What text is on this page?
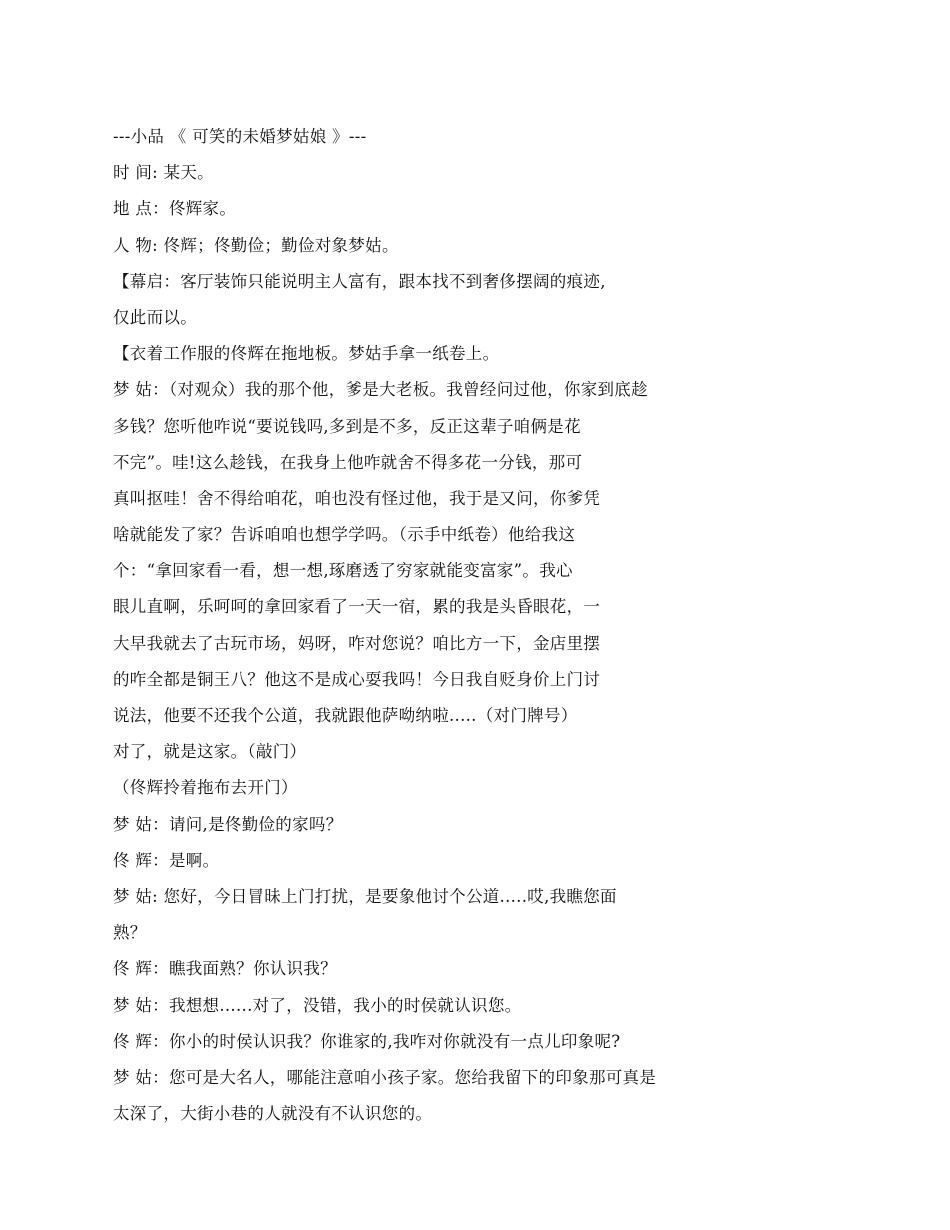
---小品 《 可笑的未婚梦姑娘 》---
时 间: 某天。
地 点：佟辉家。
人 物: 佟辉；佟勤俭；勤俭对象梦姑。
【幕启：客厅装饰只能说明主人富有，跟本找不到奢侈摆阔的痕迹,
仅此而以。
【衣着工作服的佟辉在拖地板。梦姑手拿一纸卷上。
梦 姑：（对观众）我的那个他，爹是大老板。我曾经问过他，你家到底趁
多钱？您听他咋说“要说钱吗,多到是不多，反正这辈子咱俩是花
不完”。哇!这么趁钱，在我身上他咋就舍不得多花一分钱，那可
真叫抠哇！舍不得给咱花，咱也没有怪过他，我于是又问，你爹凭
啥就能发了家？告诉咱咱也想学学吗。（示手中纸卷）他给我这
个：“拿回家看一看，想一想,琢磨透了穷家就能变富家”。我心
眼儿直啊，乐呵呵的拿回家看了一天一宿，累的我是头昏眼花，一
大早我就去了古玩市场，妈呀，咋对您说？咱比方一下，金店里摆
的咋全都是铜王八？他这不是成心耍我吗！今日我自贬身价上门讨
说法，他要不还我个公道，我就跟他萨呦纳啦.....（对门牌号）
对了，就是这家。（敲门）
（佟辉拎着拖布去开门）
梦 姑：请问,是佟勤俭的家吗？
佟 辉：是啊。
梦 姑: 您好，今日冒昧上门打扰，是要象他讨个公道.....哎,我瞧您面
熟？
佟 辉：瞧我面熟？你认识我？
梦 姑：我想想......对了，没错，我小的时侯就认识您。
佟 辉：你小的时侯认识我？你谁家的,我咋对你就没有一点儿印象呢?
梦 姑：您可是大名人，哪能注意咱小孩子家。您给我留下的印象那可真是
太深了，大街小巷的人就没有不认识您的。
